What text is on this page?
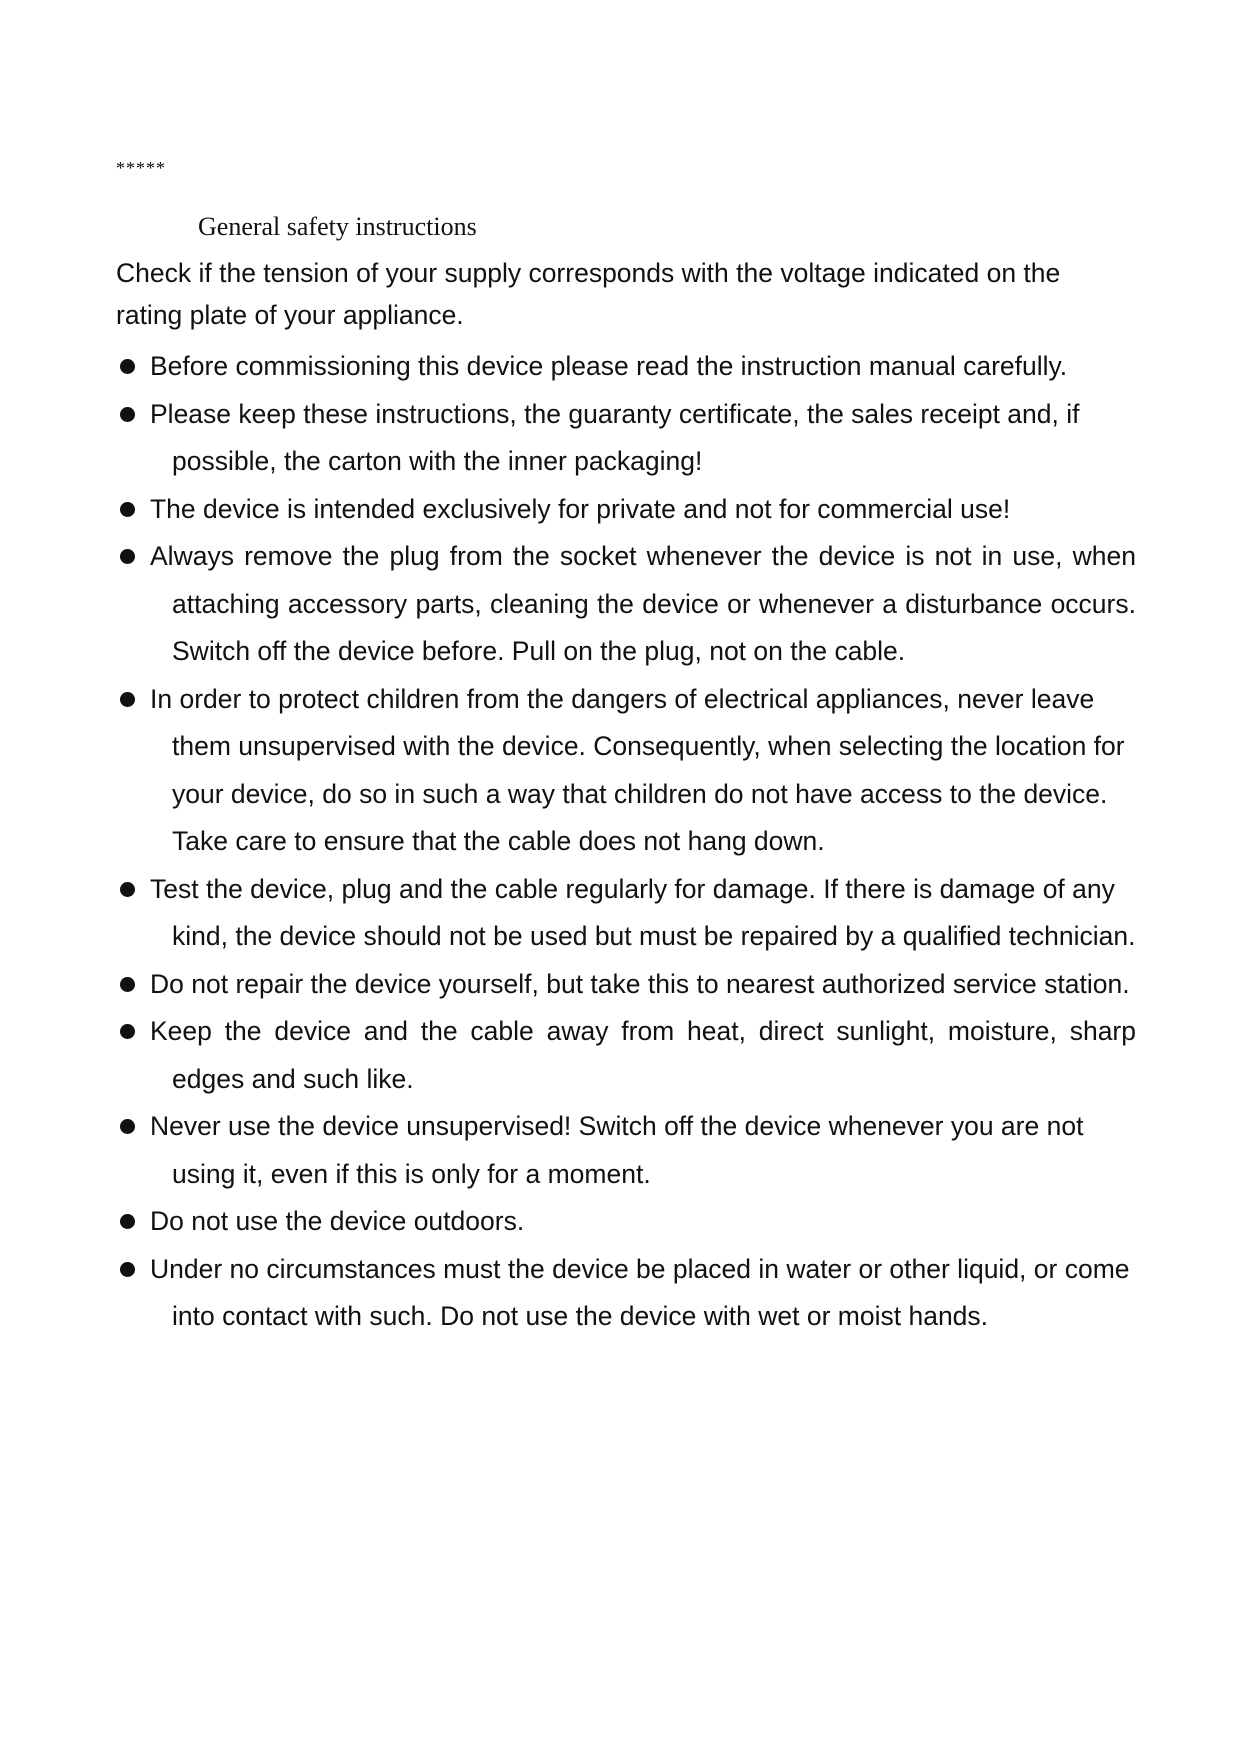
*****
General safety instructions

Check if the tension of your supply corresponds with the voltage indicated on the rating plate of your appliance.

Before commissioning this device please read the instruction manual carefully.
Please keep these instructions, the guaranty certificate, the sales receipt and, if possible, the carton with the inner packaging!
The device is intended exclusively for private and not for commercial use!
Always remove the plug from the socket whenever the device is not in use, when attaching accessory parts, cleaning the device or whenever a disturbance occurs. Switch off the device before. Pull on the plug, not on the cable.
In order to protect children from the dangers of electrical appliances, never leave them unsupervised with the device. Consequently, when selecting the location for your device, do so in such a way that children do not have access to the device. Take care to ensure that the cable does not hang down.
Test the device, plug and the cable regularly for damage. If there is damage of any kind, the device should not be used but must be repaired by a qualified technician.
Do not repair the device yourself, but take this to nearest authorized service station.
Keep the device and the cable away from heat, direct sunlight, moisture, sharp edges and such like.
Never use the device unsupervised! Switch off the device whenever you are not using it, even if this is only for a moment.
Do not use the device outdoors.
Under no circumstances must the device be placed in water or other liquid, or come into contact with such. Do not use the device with wet or moist hands.
